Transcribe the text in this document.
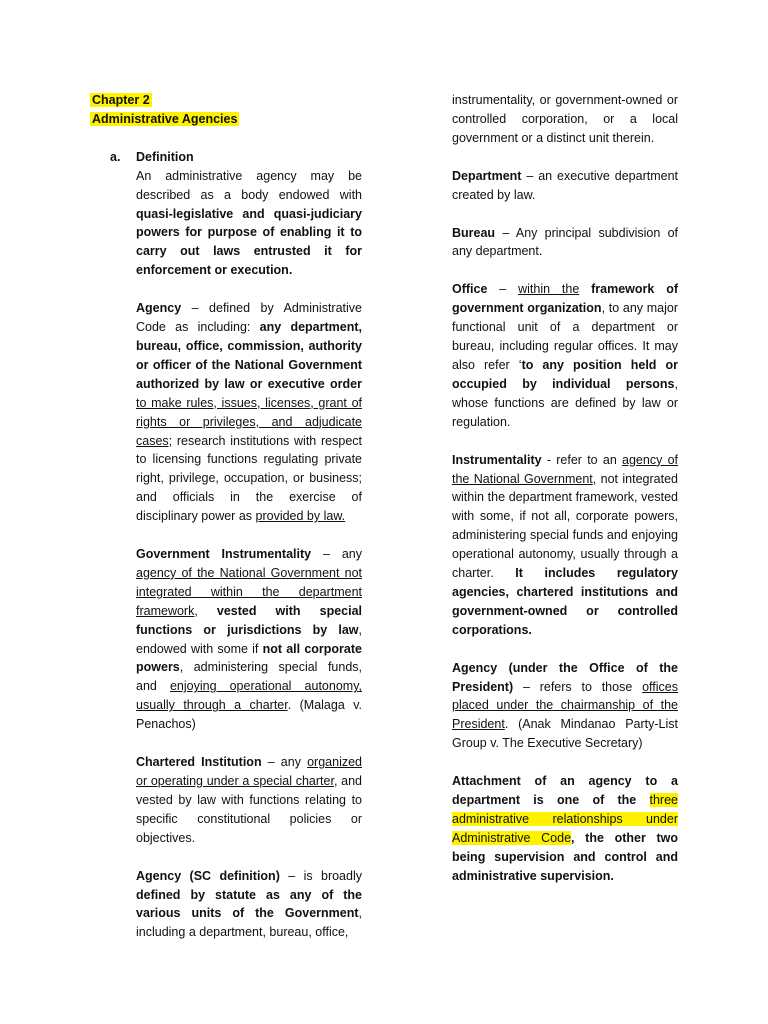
Chapter 2
Administrative Agencies
a. Definition
An administrative agency may be described as a body endowed with quasi-legislative and quasi-judiciary powers for purpose of enabling it to carry out laws entrusted it for enforcement or execution.
Agency – defined by Administrative Code as including: any department, bureau, office, commission, authority or officer of the National Government authorized by law or executive order to make rules, issues, licenses, grant of rights or privileges, and adjudicate cases; research institutions with respect to licensing functions regulating private right, privilege, occupation, or business; and officials in the exercise of disciplinary power as provided by law.
Government Instrumentality – any agency of the National Government not integrated within the department framework, vested with special functions or jurisdictions by law, endowed with some if not all corporate powers, administering special funds, and enjoying operational autonomy, usually through a charter. (Malaga v. Penachos)
Chartered Institution – any organized or operating under a special charter, and vested by law with functions relating to specific constitutional policies or objectives.
Agency (SC definition) – is broadly defined by statute as any of the various units of the Government, including a department, bureau, office,
instrumentality, or government-owned or controlled corporation, or a local government or a distinct unit therein.
Department – an executive department created by law.
Bureau – Any principal subdivision of any department.
Office – within the framework of government organization, to any major functional unit of a department or bureau, including regular offices. It may also refer ‘to any position held or occupied by individual persons, whose functions are defined by law or regulation.
Instrumentality - refer to an agency of the National Government, not integrated within the department framework, vested with some, if not all, corporate powers, administering special funds and enjoying operational autonomy, usually through a charter. It includes regulatory agencies, chartered institutions and government-owned or controlled corporations.
Agency (under the Office of the President) – refers to those offices placed under the chairmanship of the President. (Anak Mindanao Party-List Group v. The Executive Secretary)
Attachment of an agency to a department is one of the three administrative relationships under Administrative Code, the other two being supervision and control and administrative supervision.
